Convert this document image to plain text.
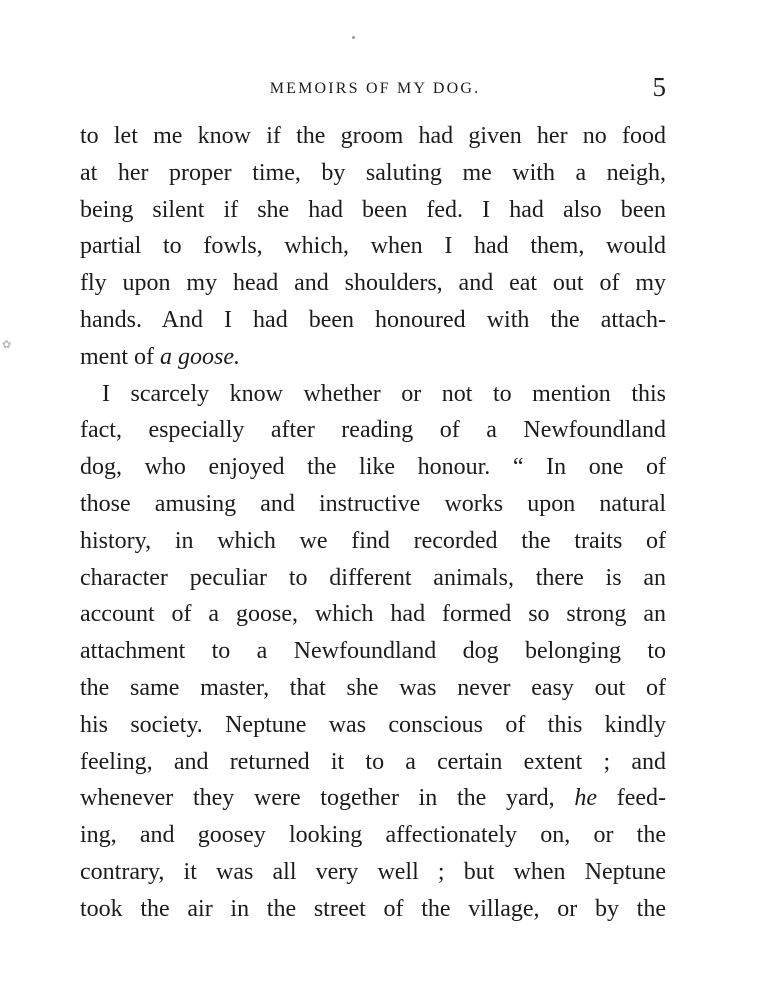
✿
MEMOIRS OF MY DOG.	5
to let me know if the groom had given her no food
at her proper time, by saluting me with a neigh,
being silent if she had been fed. I had also been
partial to fowls, which, when I had them, would
fly upon my head and shoulders, and eat out of my
hands. And I had been honoured with the attach-
ment of a goose.
I scarcely know whether or not to mention this
fact, especially after reading of a Newfoundland
dog, who enjoyed the like honour. “ In one of
those amusing and instructive works upon natural
history, in which we find recorded the traits of
character peculiar to different animals, there is an
account of a goose, which had formed so strong an
attachment to a Newfoundland dog belonging to
the same master, that she was never easy out of
his society. Neptune was conscious of this kindly
feeling, and returned it to a certain extent ; and
whenever they were together in the yard, he feed-
ing, and goosey looking affectionately on, or the
contrary, it was all very well ; but when Neptune
took the air in the street of the village, or by the
